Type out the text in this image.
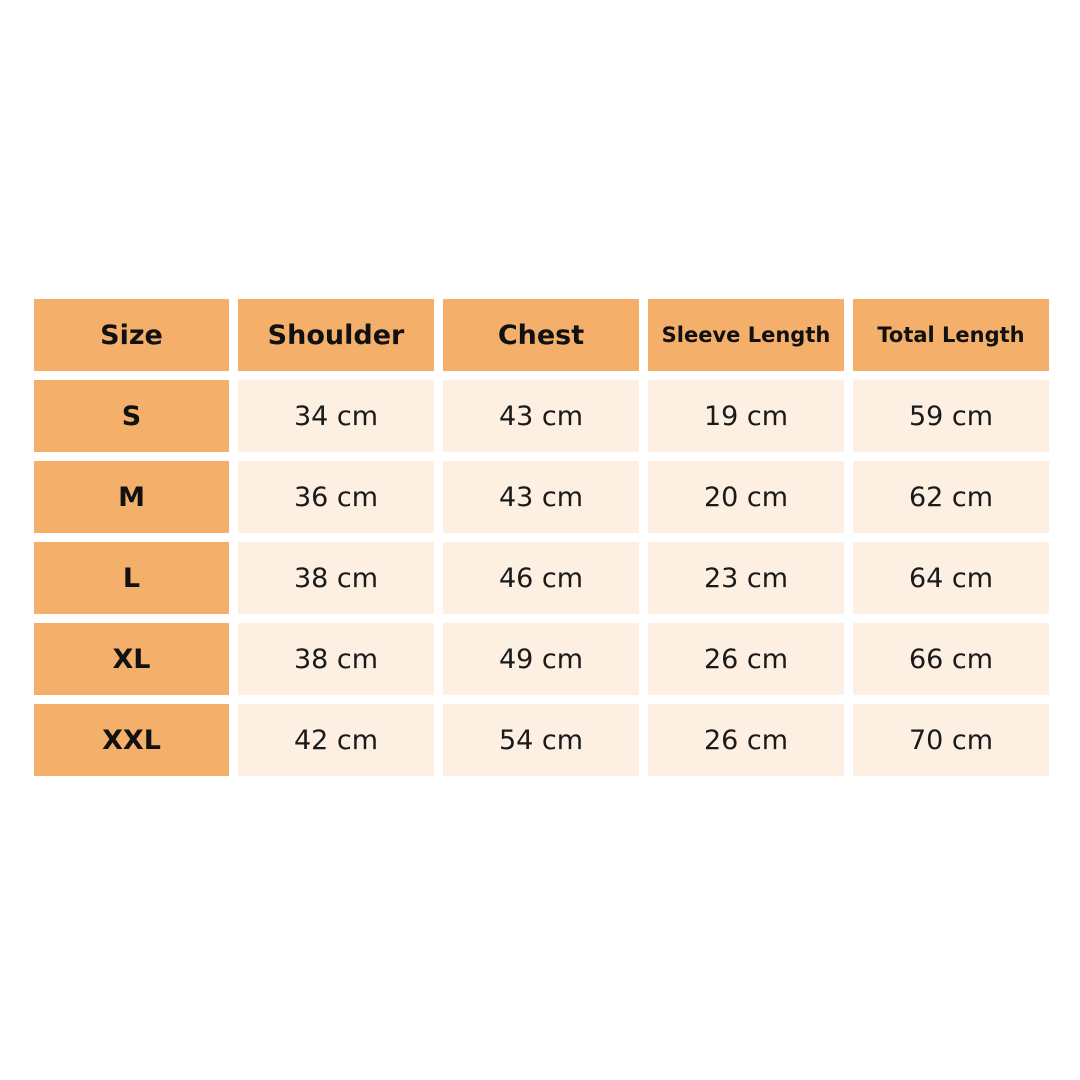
Size	Shoulder	Chest	Sleeve Length	Total Length
S	34 cm	43 cm	19 cm	59 cm
M	36 cm	43 cm	20 cm	62 cm
L	38 cm	46 cm	23 cm	64 cm
XL	38 cm	49 cm	26 cm	66 cm
XXL	42 cm	54 cm	26 cm	70 cm
